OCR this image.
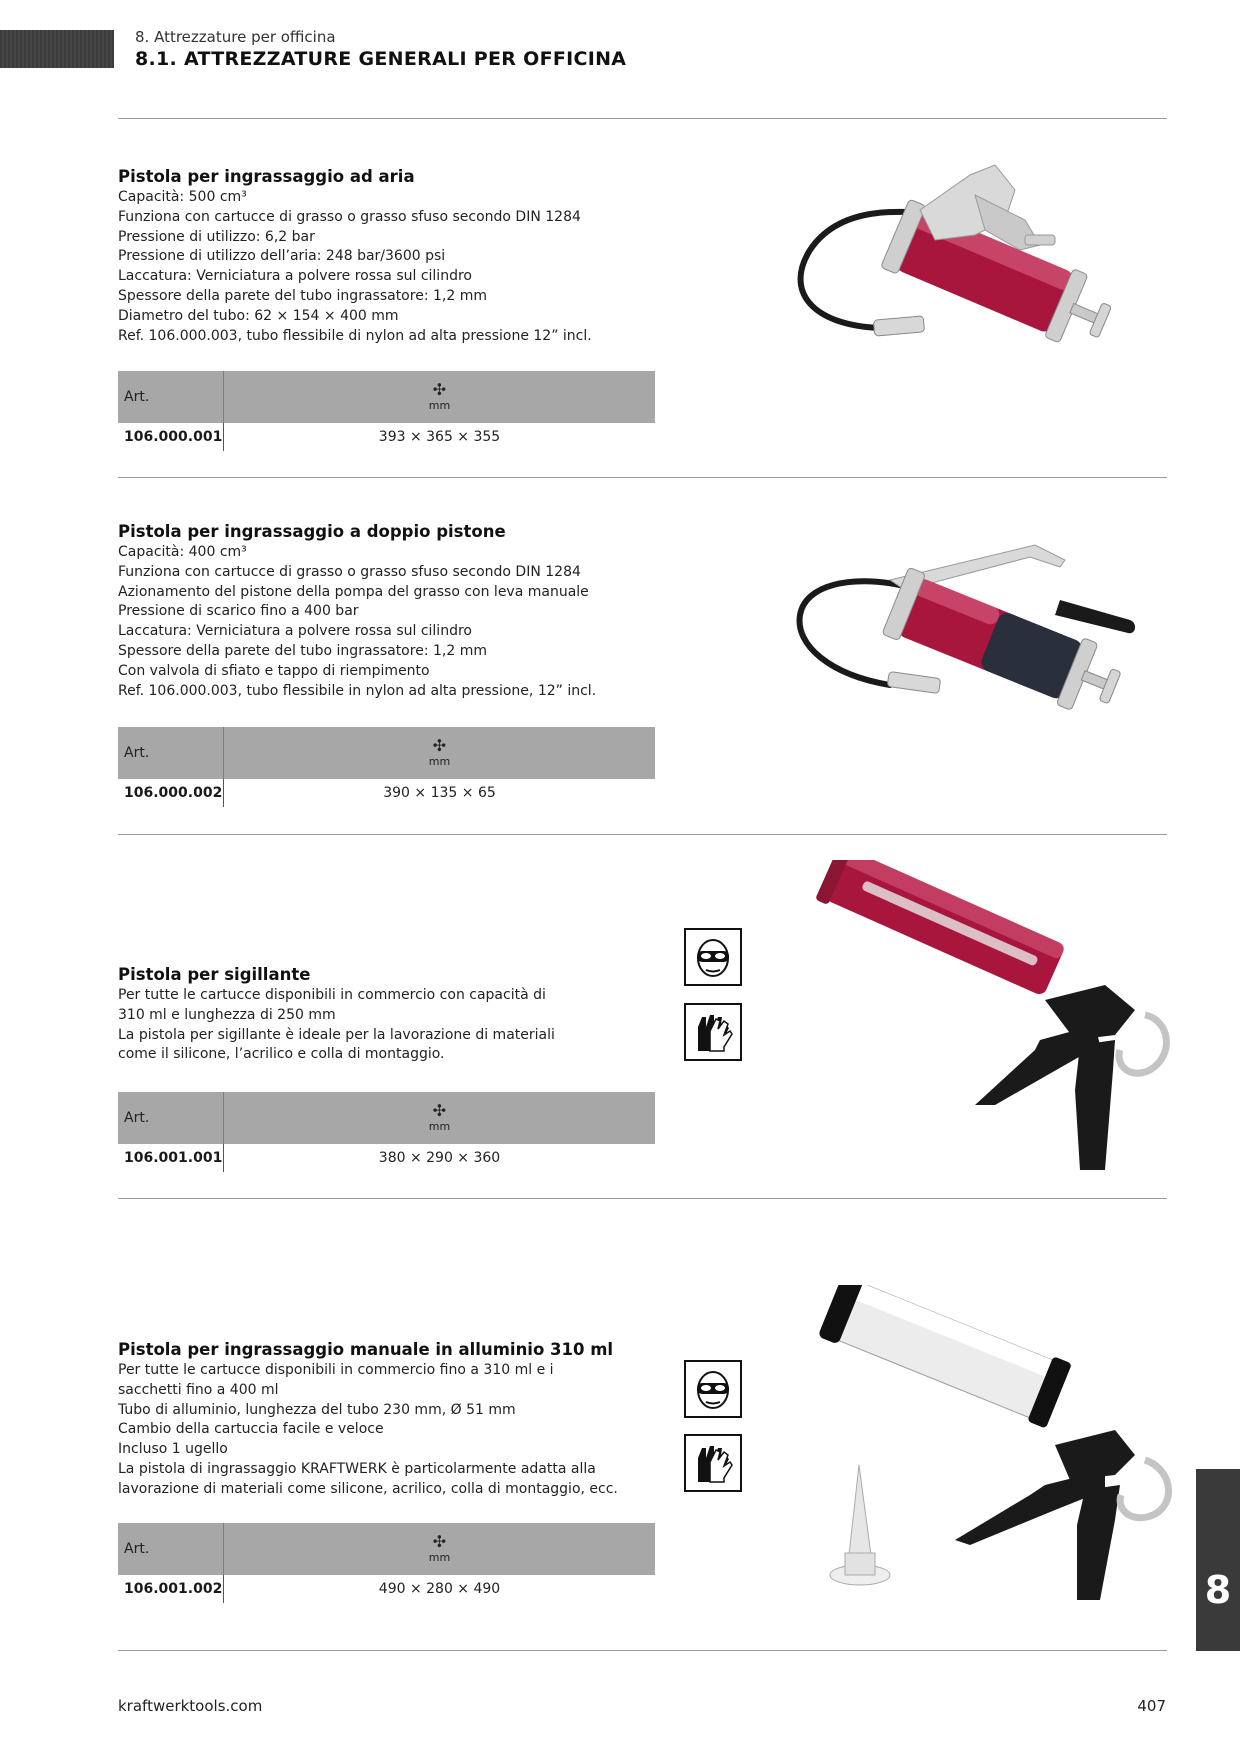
8. Attrezzature per officina
8.1. ATTREZZATURE GENERALI PER OFFICINA
Pistola per ingrassaggio ad aria
Capacità: 500 cm³
Funziona con cartucce di grasso o grasso sfuso secondo DIN 1284
Pressione di utilizzo: 6,2 bar
Pressione di utilizzo dell’aria: 248 bar/3600 psi
Laccatura: Verniciatura a polvere rossa sul cilindro
Spessore della parete del tubo ingrassatore: 1,2 mm
Diametro del tubo: 62 × 154 × 400 mm
Ref. 106.000.003, tubo flessibile di nylon ad alta pressione 12” incl.
Art.	✣
mm
106.000.001	393 × 365 × 355
Pistola per ingrassaggio a doppio pistone
Capacità: 400 cm³
Funziona con cartucce di grasso o grasso sfuso secondo DIN 1284
Azionamento del pistone della pompa del grasso con leva manuale
Pressione di scarico fino a 400 bar
Laccatura: Verniciatura a polvere rossa sul cilindro
Spessore della parete del tubo ingrassatore: 1,2 mm
Con valvola di sfiato e tappo di riempimento
Ref. 106.000.003, tubo flessibile in nylon ad alta pressione, 12” incl.
Art.	✣
mm
106.000.002	390 × 135 × 65
Pistola per sigillante
Per tutte le cartucce disponibili in commercio con capacità di
310 ml e lunghezza di 250 mm
La pistola per sigillante è ideale per la lavorazione di materiali
come il silicone, l’acrilico e colla di montaggio.
Art.	✣
mm
106.001.001	380 × 290 × 360
Pistola per ingrassaggio manuale in alluminio 310 ml
Per tutte le cartucce disponibili in commercio fino a 310 ml e i
sacchetti fino a 400 ml
Tubo di alluminio, lunghezza del tubo 230 mm, Ø 51 mm
Cambio della cartuccia facile e veloce
Incluso 1 ugello
La pistola di ingrassaggio KRAFTWERK è particolarmente adatta alla
lavorazione di materiali come silicone, acrilico, colla di montaggio, ecc.
Art.	✣
mm
106.001.002	490 × 280 × 490	8
kraftwerktools.com	407
